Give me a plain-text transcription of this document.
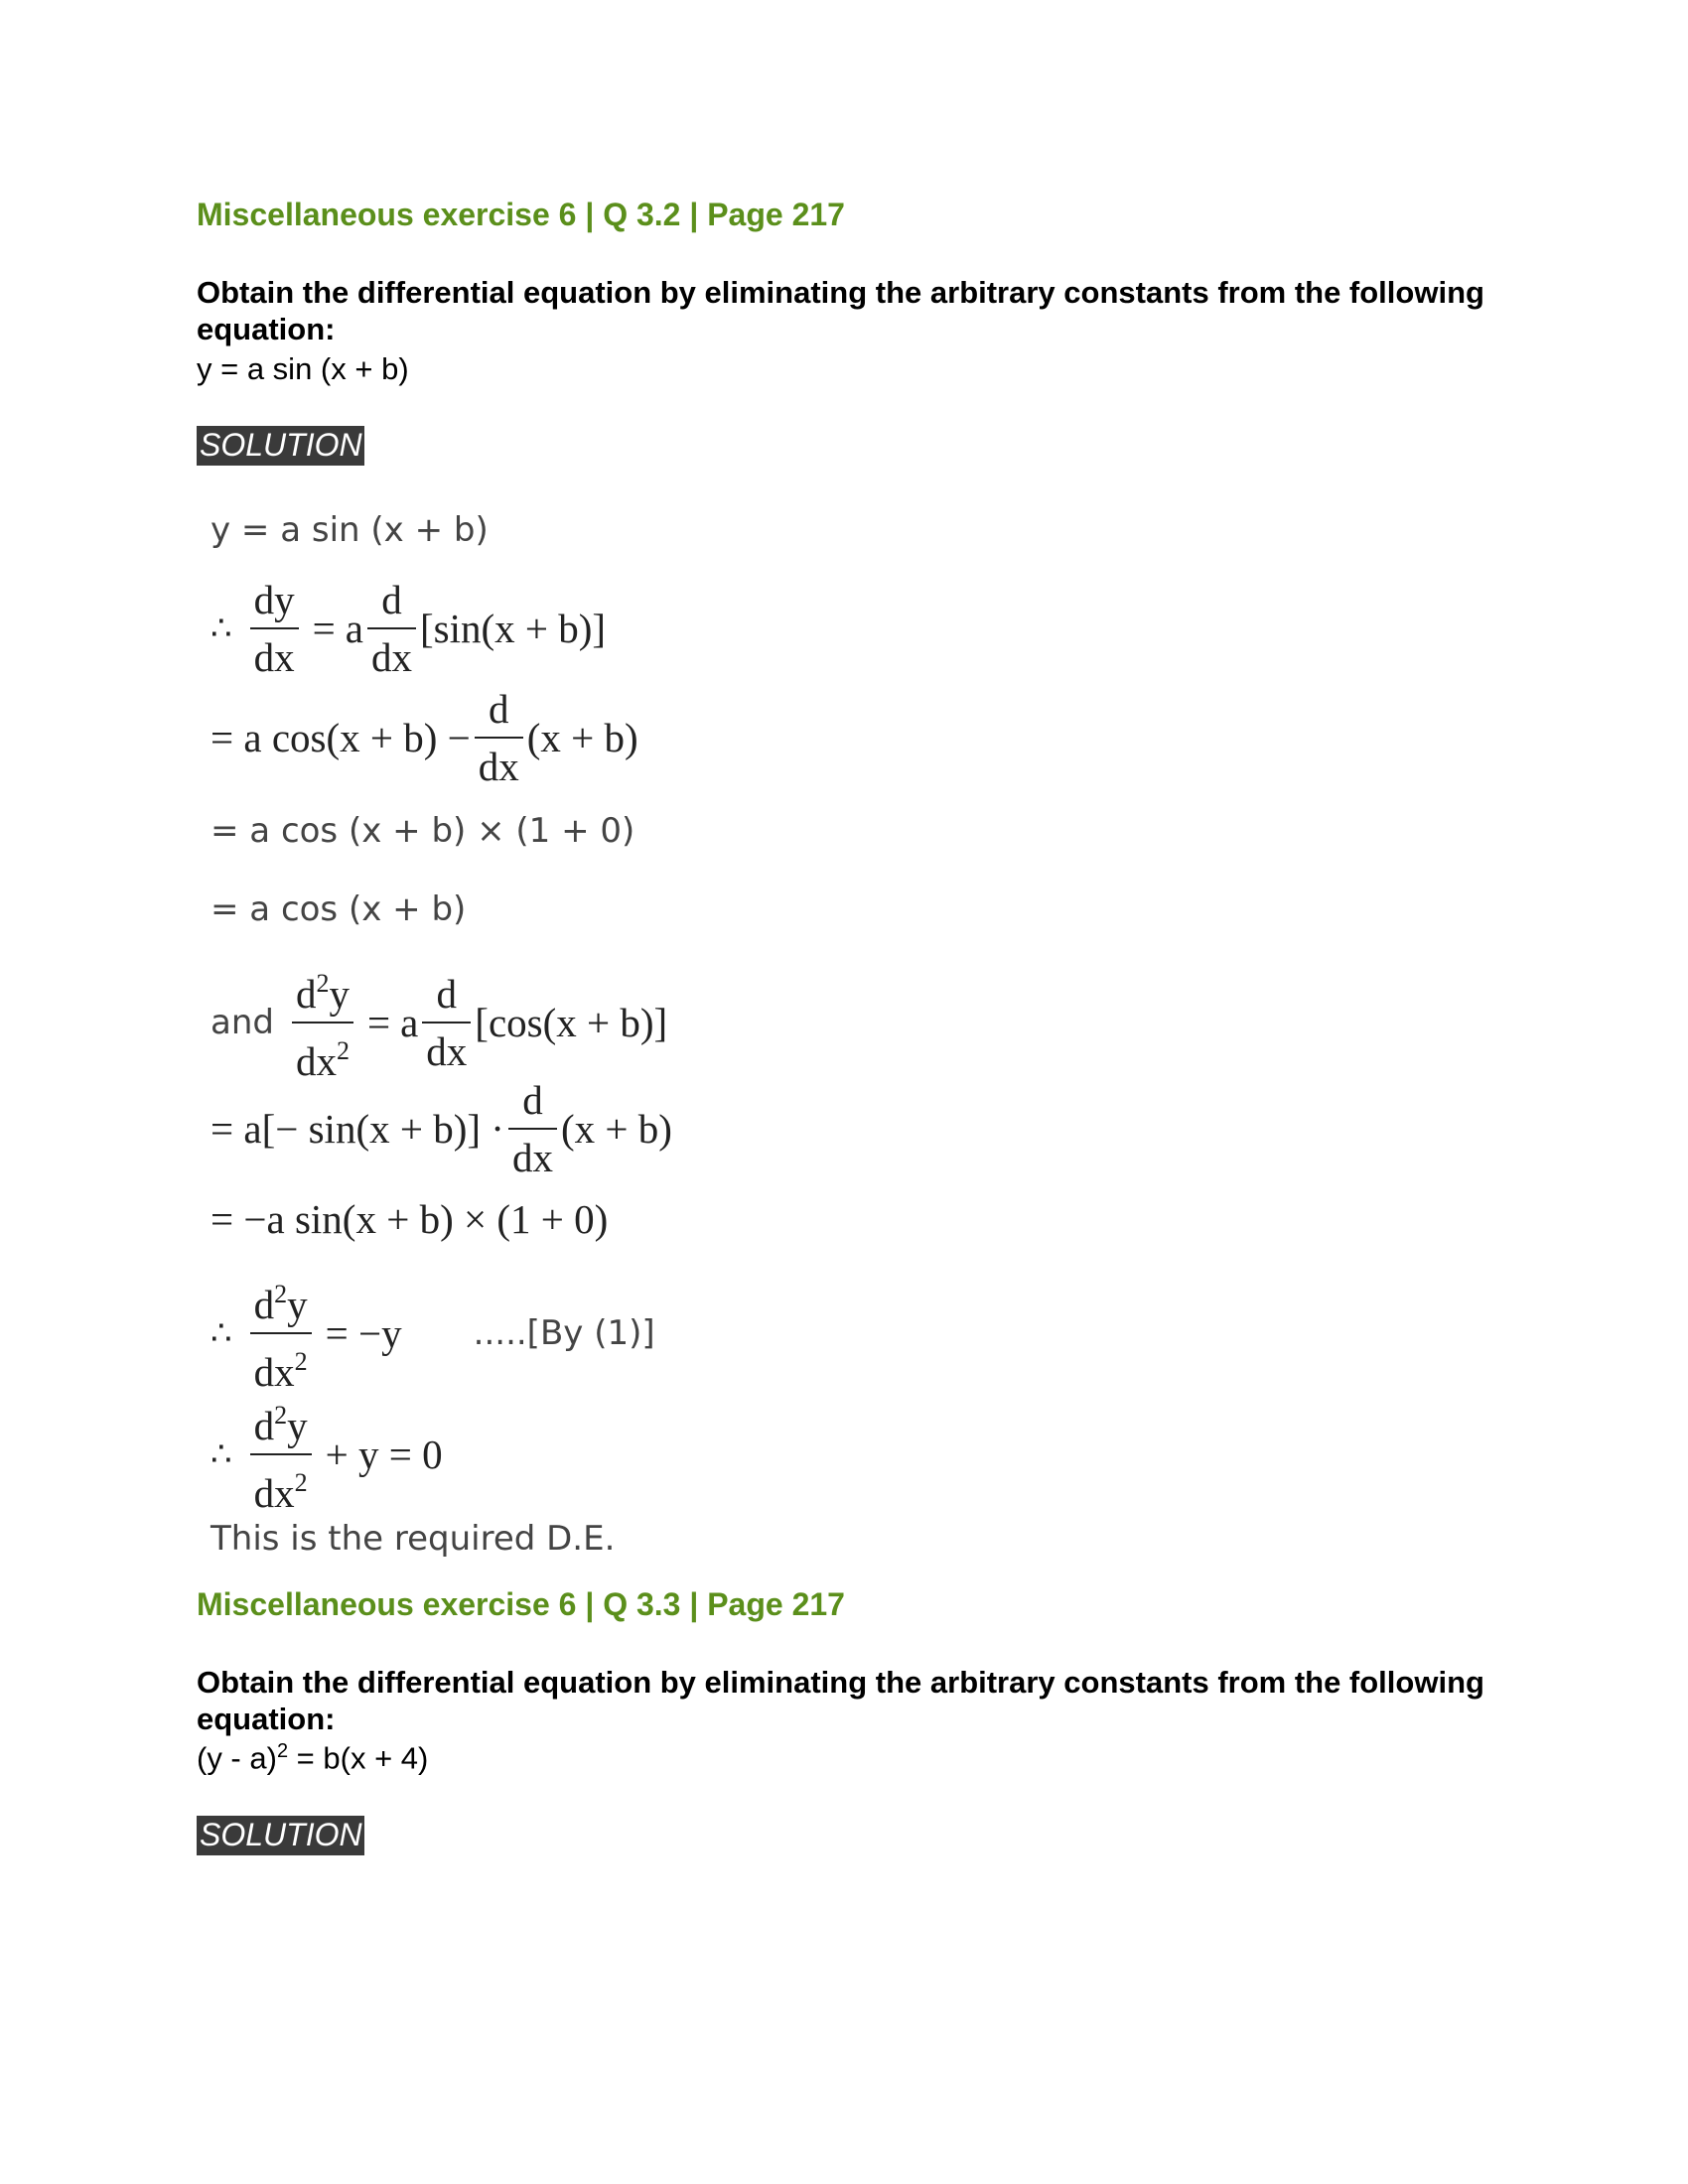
Miscellaneous exercise 6 | Q 3.2 | Page 217
Obtain the differential equation by eliminating the arbitrary constants from the following equation:
y = a sin (x + b)
SOLUTION
y = a sin (x + b)
∴ $\frac{dy}{dx} = a \frac{d}{dx} [\sin(x + b)]$
= a $\cos(x + b) - \frac{d}{dx} (x + b)$
= a cos (x + b) × (1 + 0)
= a cos (x + b)
and $\frac{d^2y}{dx^2} = a \frac{d}{dx} [\cos(x + b)]$
= $a[- \sin(x + b)] \cdot \frac{d}{dx} (x + b)$
= −a sin(x + b) × (1 + 0)
∴ $\frac{d^2y}{dx^2} = -y$ .....[By (1)]
∴ $\frac{d^2y}{dx^2} + y = 0$
This is the required D.E.
Miscellaneous exercise 6 | Q 3.3 | Page 217
Obtain the differential equation by eliminating the arbitrary constants from the following equation:
(y - a)$^2$ = b(x + 4)
SOLUTION
